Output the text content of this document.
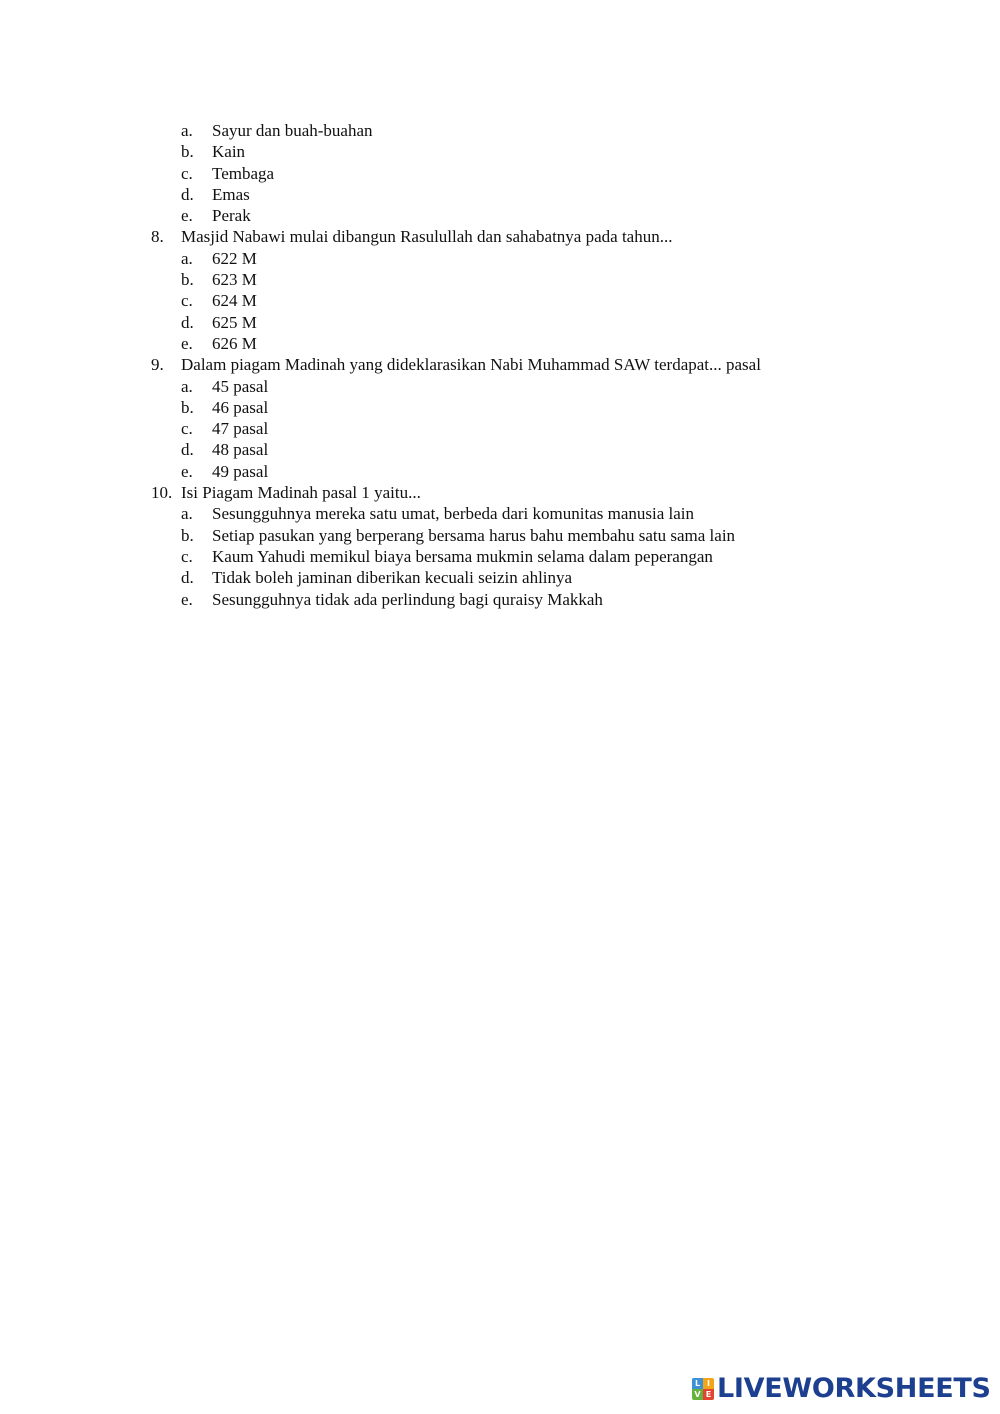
a. Sayur dan buah-buahan
b. Kain
c. Tembaga
d. Emas
e. Perak
8. Masjid Nabawi mulai dibangun Rasulullah dan sahabatnya pada tahun...
a. 622 M
b. 623 M
c. 624 M
d. 625 M
e. 626 M
9. Dalam piagam Madinah yang dideklarasikan Nabi Muhammad SAW terdapat... pasal
a. 45 pasal
b. 46 pasal
c. 47 pasal
d. 48 pasal
e. 49 pasal
10. Isi Piagam Madinah pasal 1 yaitu...
a. Sesungguhnya mereka satu umat, berbeda dari komunitas manusia lain
b. Setiap pasukan yang berperang bersama harus bahu membahu satu sama lain
c. Kaum Yahudi memikul biaya bersama mukmin selama dalam peperangan
d. Tidak boleh jaminan diberikan kecuali seizin ahlinya
e. Sesungguhnya tidak ada perlindung bagi quraisy Makkah
L I
V E LIVEWORKSHEETS
